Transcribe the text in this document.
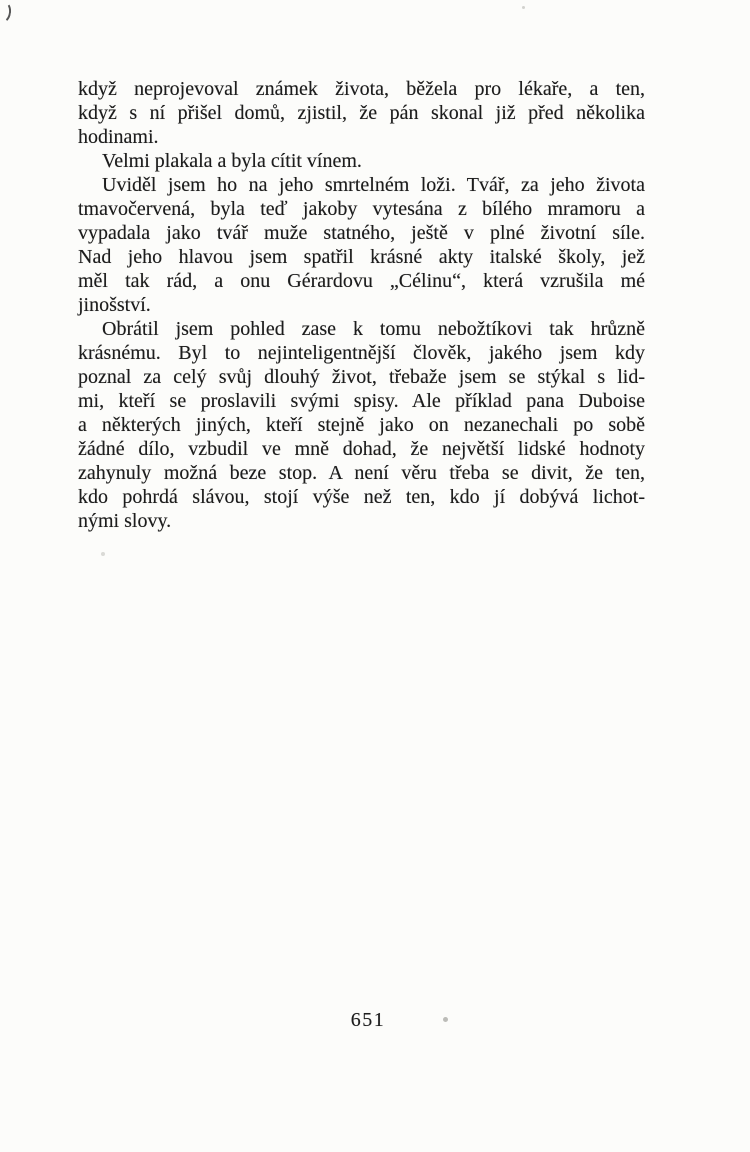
když neprojevoval známek života, běžela pro lékaře, a ten,
když s ní přišel domů, zjistil, že pán skonal již před několika
hodinami.
Velmi plakala a byla cítit vínem.
Uviděl jsem ho na jeho smrtelném loži. Tvář, za jeho života
tmavočervená, byla teď jakoby vytesána z bílého mramoru a
vypadala jako tvář muže statného, ještě v plné životní síle.
Nad jeho hlavou jsem spatřil krásné akty italské školy, jež
měl tak rád, a onu Gérardovu „Célinu“, která vzrušila mé
jinošství.
Obrátil jsem pohled zase k tomu nebožtíkovi tak hrůzně
krásnému. Byl to nejinteligentnější člověk, jakého jsem kdy
poznal za celý svůj dlouhý život, třebaže jsem se stýkal s lid-
mi, kteří se proslavili svými spisy. Ale příklad pana Duboise
a některých jiných, kteří stejně jako on nezanechali po sobě
žádné dílo, vzbudil ve mně dohad, že největší lidské hodnoty
zahynuly možná beze stop. A není věru třeba se divit, že ten,
kdo pohrdá slávou, stojí výše než ten, kdo jí dobývá lichot-
nými slovy.
651
